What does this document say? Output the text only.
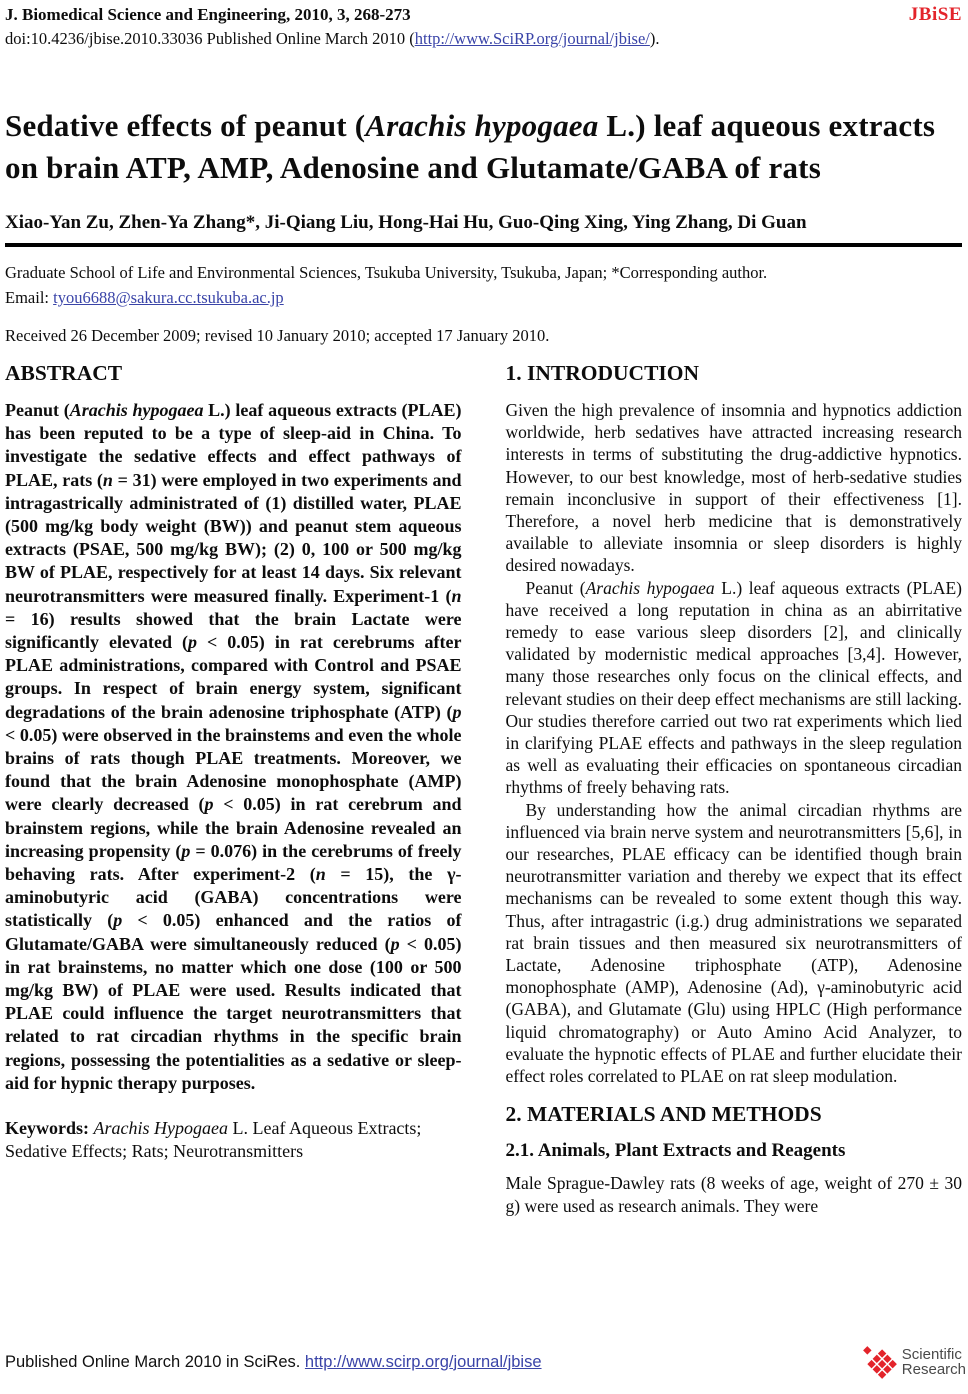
J. Biomedical Science and Engineering, 2010, 3, 268-273	JBiSE
doi:10.4236/jbise.2010.33036 Published Online March 2010 (http://www.SciRP.org/journal/jbise/).
Sedative effects of peanut (Arachis hypogaea L.) leaf aqueous extracts on brain ATP, AMP, Adenosine and Glutamate/GABA of rats
Xiao-Yan Zu, Zhen-Ya Zhang*, Ji-Qiang Liu, Hong-Hai Hu, Guo-Qing Xing, Ying Zhang, Di Guan
Graduate School of Life and Environmental Sciences, Tsukuba University, Tsukuba, Japan; *Corresponding author.
Email: tyou6688@sakura.cc.tsukuba.ac.jp
Received 26 December 2009; revised 10 January 2010; accepted 17 January 2010.
ABSTRACT

Peanut (Arachis hypogaea L.) leaf aqueous extracts (PLAE) has been reputed to be a type of sleep-aid in China. To investigate the sedative effects and effect pathways of PLAE, rats (n = 31) were employed in two experiments and intragastrically administrated of (1) distilled water, PLAE (500 mg/kg body weight (BW)) and peanut stem aqueous extracts (PSAE, 500 mg/kg BW); (2) 0, 100 or 500 mg/kg BW of PLAE, respectively for at least 14 days. Six relevant neurotransmitters were measured finally. Experiment-1 (n = 16) results showed that the brain Lactate were significantly elevated (p < 0.05) in rat cerebrums after PLAE administrations, compared with Control and PSAE groups. In respect of brain energy system, significant degradations of the brain adenosine triphosphate (ATP) (p < 0.05) were observed in the brainstems and even the whole brains of rats though PLAE treatments. Moreover, we found that the brain Adenosine monophosphate (AMP) were clearly decreased (p < 0.05) in rat cerebrum and brainstem regions, while the brain Adenosine revealed an increasing propensity (p = 0.076) in the cerebrums of freely behaving rats. After experiment-2 (n = 15), the γ-aminobutyric acid (GABA) concentrations were statistically (p < 0.05) enhanced and the ratios of Glutamate/GABA were simultaneously reduced (p < 0.05) in rat brainstems, no matter which one dose (100 or 500 mg/kg BW) of PLAE were used. Results indicated that PLAE could influence the target neurotransmitters that related to rat circadian rhythms in the specific brain regions, possessing the potentialities as a sedative or sleep-aid for hypnic therapy purposes.

Keywords: Arachis Hypogaea L. Leaf Aqueous Extracts; Sedative Effects; Rats; Neurotransmitters

1. INTRODUCTION

Given the high prevalence of insomnia and hypnotics addiction worldwide, herb sedatives have attracted increasing research interests in terms of substituting the drug-addictive hypnotics. However, to our best knowledge, most of herb-sedative studies remain inconclusive in support of their effectiveness [1]. Therefore, a novel herb medicine that is demonstratively available to alleviate insomnia or sleep disorders is highly desired nowadays.

Peanut (Arachis hypogaea L.) leaf aqueous extracts (PLAE) have received a long reputation in china as an abirritative remedy to ease various sleep disorders [2], and clinically validated by modernistic medical approaches [3,4]. However, many those researches only focus on the clinical effects, and relevant studies on their deep effect mechanisms are still lacking. Our studies therefore carried out two rat experiments which lied in clarifying PLAE effects and pathways in the sleep regulation as well as evaluating their efficacies on spontaneous circadian rhythms of freely behaving rats.

By understanding how the animal circadian rhythms are influenced via brain nerve system and neurotransmitters [5,6], in our researches, PLAE efficacy can be identified though brain neurotransmitter variation and thereby we expect that its effect mechanisms can be revealed to some extent though this way. Thus, after intragastric (i.g.) drug administrations we separated rat brain tissues and then measured six neurotransmitters of Lactate, Adenosine triphosphate (ATP), Adenosine monophosphate (AMP), Adenosine (Ad), γ-aminobutyric acid (GABA), and Glutamate (Glu) using HPLC (High performance liquid chromatography) or Auto Amino Acid Analyzer, to evaluate the hypnotic effects of PLAE and further elucidate their effect roles correlated to PLAE on rat sleep modulation.

2. MATERIALS AND METHODS
2.1. Animals, Plant Extracts and Reagents

Male Sprague-Dawley rats (8 weeks of age, weight of 270 ± 30 g) were used as research animals. They were

Published Online March 2010 in SciRes. http://www.scirp.org/journal/jbise	Scientific
Research
